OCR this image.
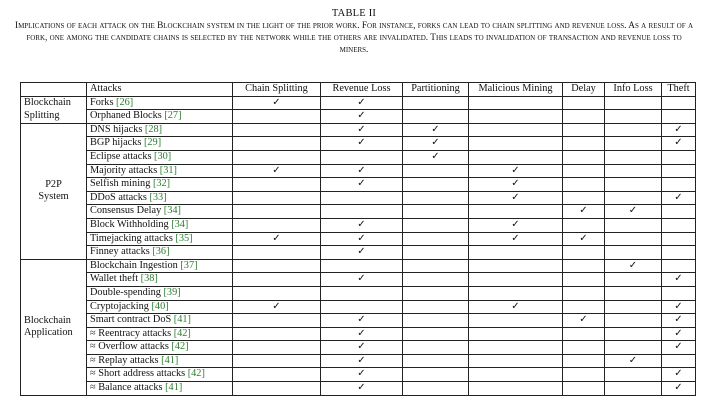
TABLE II
Implications of each attack on the Blockchain system in the light of the prior work. For instance, forks can lead to chain splitting and revenue loss. As a result of a fork, one among the candidate chains is selected by the network while the others are invalidated. This leads to invalidation of transaction and revenue loss to miners.
	Attacks	Chain Splitting	Revenue Loss	Partitioning	Malicious Mining	Delay	Info Loss	Theft
Blockchain
Splitting	Forks [26]	✓	✓					
	Orphaned Blocks [27]		✓					
P2P
System	DNS hijacks [28]		✓	✓				✓
	BGP hijacks [29]		✓	✓				✓
	Eclipse attacks [30]			✓				
	Majority attacks [31]	✓	✓		✓			
	Selfish mining [32]		✓		✓			
	DDoS attacks [33]				✓			✓
	Consensus Delay [34]					✓	✓	
	Block Withholding [34]		✓		✓			
	Timejacking attacks [35]	✓	✓		✓	✓		
	Finney attacks [36]		✓					
Blockchain
Application	Blockchain Ingestion [37]						✓	
	Wallet theft [38]		✓					✓
	Double-spending [39]							
	Cryptojacking [40]	✓			✓			✓
	Smart contract DoS [41]		✓			✓		✓
	≈ Reentracy attacks [42]		✓					✓
	≈ Overflow attacks [42]		✓					✓
	≈ Replay attacks [41]		✓				✓	
	≈ Short address attacks [42]		✓					✓
	≈ Balance attacks [41]		✓					✓
